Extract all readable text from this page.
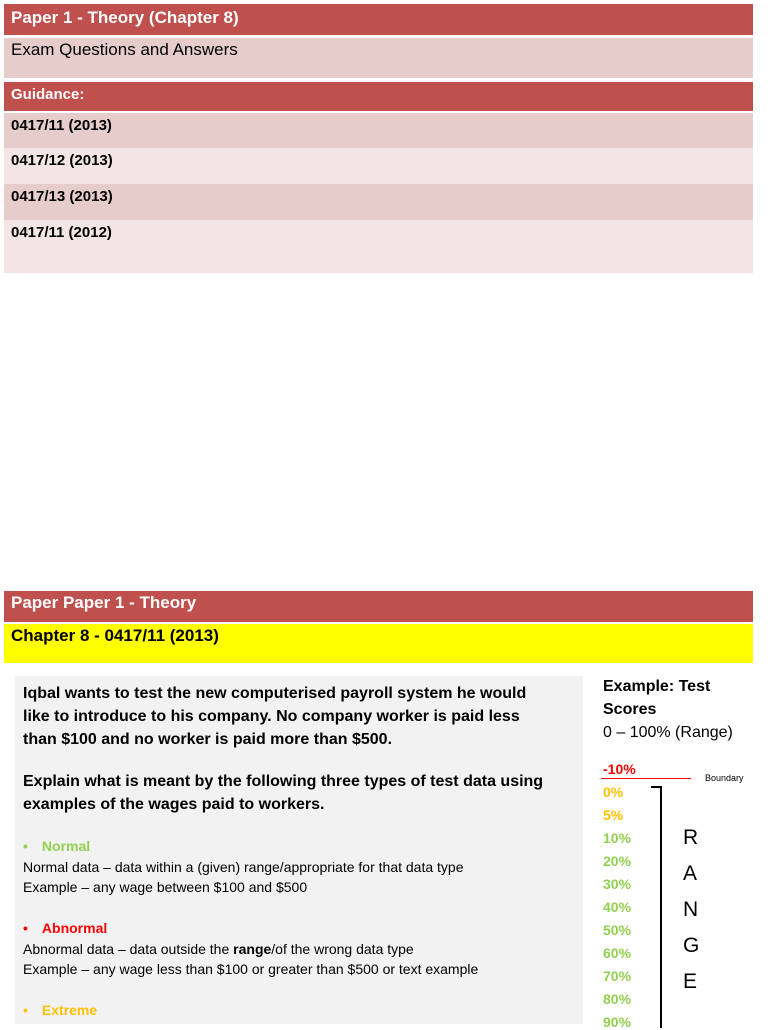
Paper 1 - Theory (Chapter 8)
Exam Questions and Answers
Guidance:
0417/11 (2013)
0417/12 (2013)
0417/13 (2013)
0417/11 (2012)
Paper Paper 1 - Theory
Chapter 8 - 0417/11 (2013)
Iqbal wants to test the new computerised payroll system he would
like to introduce to his company. No company worker is paid less
than $100 and no worker is paid more than $500.
Explain what is meant by the following three types of test data using
examples of the wages paid to workers.
• Normal
Normal data – data within a (given) range/appropriate for that data type
Example – any wage between $100 and $500
• Abnormal
Abnormal data – data outside the range/of the wrong data type
Example – any wage less than $100 or greater than $500 or text example
• Extreme
Example: Test
Scores
0 – 100% (Range)
-10%
Boundary
0%
5%
10%
20%
30%
40%
50%
60%
70%
80%
90%
R
A
N
G
E
